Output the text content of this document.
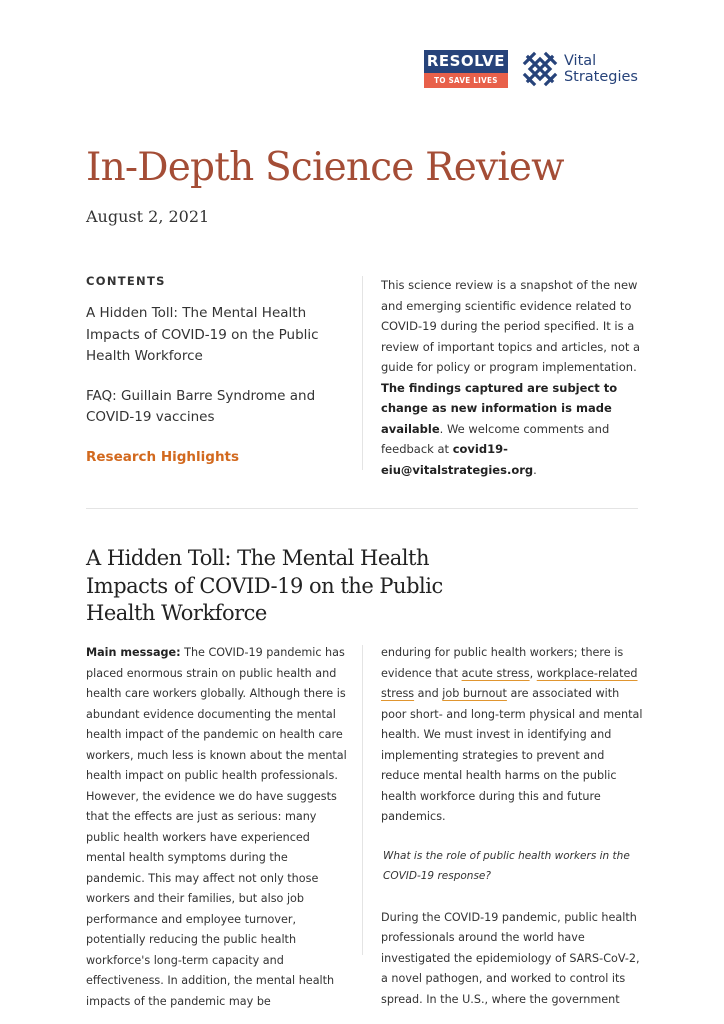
RESOLVE
TO SAVE LIVES
Vital
Strategies
In-Depth Science Review
August 2, 2021
CONTENTS
A Hidden Toll: The Mental Health Impacts of COVID-19 on the Public Health Workforce
FAQ: Guillain Barre Syndrome and COVID-19 vaccines
Research Highlights
This science review is a snapshot of the new and emerging scientific evidence related to COVID-19 during the period specified. It is a review of important topics and articles, not a guide for policy or program implementation. The findings captured are subject to change as new information is made available. We welcome comments and feedback at covid19-eiu@vitalstrategies.org.
A Hidden Toll: The Mental Health Impacts of COVID-19 on the Public Health Workforce
Main message: The COVID-19 pandemic has placed enormous strain on public health and health care workers globally. Although there is abundant evidence documenting the mental health impact of the pandemic on health care workers, much less is known about the mental health impact on public health professionals. However, the evidence we do have suggests that the effects are just as serious: many public health workers have experienced mental health symptoms during the pandemic. This may affect not only those workers and their families, but also job performance and employee turnover, potentially reducing the public health workforce's long-term capacity and effectiveness. In addition, the mental health impacts of the pandemic may be
enduring for public health workers; there is evidence that acute stress, workplace-related stress and job burnout are associated with poor short- and long-term physical and mental health. We must invest in identifying and implementing strategies to prevent and reduce mental health harms on the public health workforce during this and future pandemics.
What is the role of public health workers in the COVID-19 response?
During the COVID-19 pandemic, public health professionals around the world have investigated the epidemiology of SARS-CoV-2, a novel pathogen, and worked to control its spread. In the U.S., where the government
